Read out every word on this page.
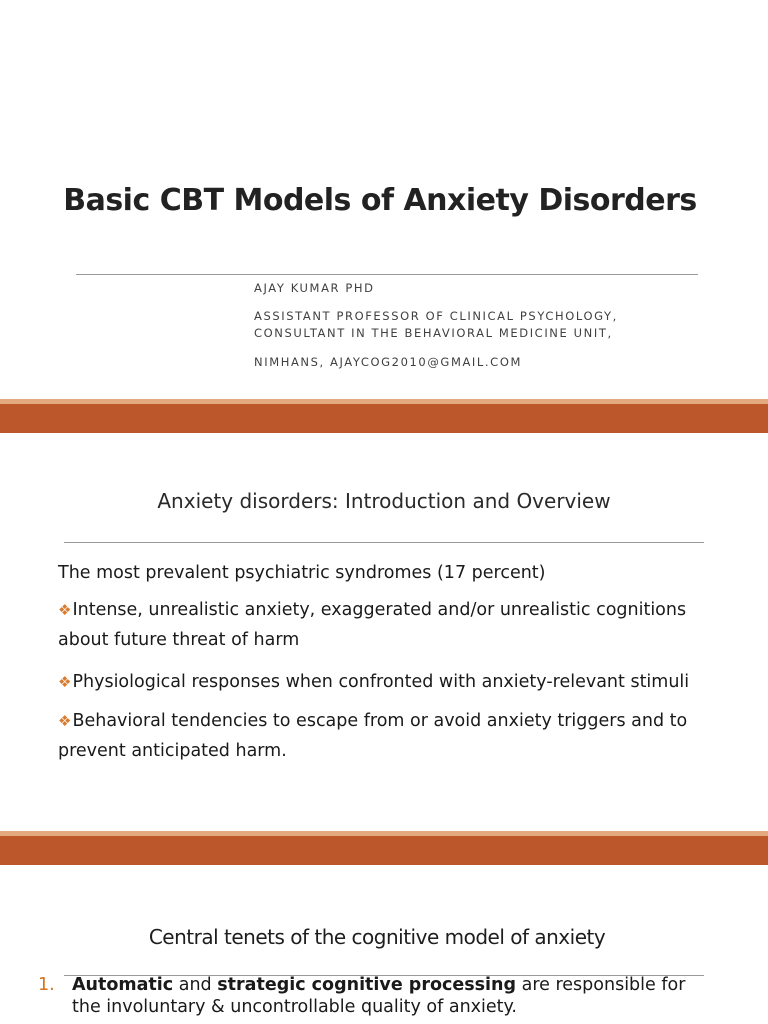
Basic CBT Models of Anxiety Disorders
AJAY KUMAR PHD
ASSISTANT PROFESSOR OF CLINICAL PSYCHOLOGY,
CONSULTANT IN THE BEHAVIORAL MEDICINE UNIT,
NIMHANS, AJAYCOG2010@GMAIL.COM
Anxiety disorders: Introduction and Overview
The most prevalent psychiatric syndromes (17 percent)
❖Intense, unrealistic anxiety, exaggerated and/or unrealistic cognitions about future threat of harm
❖Physiological responses when confronted with anxiety-relevant stimuli
❖Behavioral tendencies to escape from or avoid anxiety triggers and to prevent anticipated harm.
Central tenets of the cognitive model of anxiety
1. Automatic and strategic cognitive processing are responsible for the involuntary & uncontrollable quality of anxiety.
